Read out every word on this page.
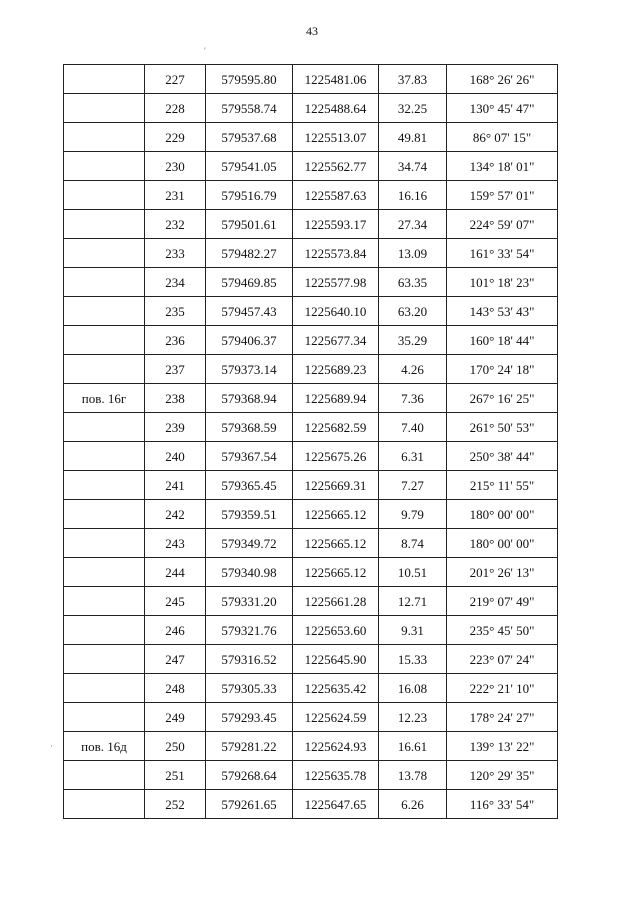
43
′
·
	227	579595.80	1225481.06	37.83	168° 26' 26"
	228	579558.74	1225488.64	32.25	130° 45' 47"
	229	579537.68	1225513.07	49.81	86° 07' 15"
	230	579541.05	1225562.77	34.74	134° 18' 01"
	231	579516.79	1225587.63	16.16	159° 57' 01"
	232	579501.61	1225593.17	27.34	224° 59' 07"
	233	579482.27	1225573.84	13.09	161° 33' 54"
	234	579469.85	1225577.98	63.35	101° 18' 23"
	235	579457.43	1225640.10	63.20	143° 53' 43"
	236	579406.37	1225677.34	35.29	160° 18' 44"
	237	579373.14	1225689.23	4.26	170° 24' 18"
пов. 16г	238	579368.94	1225689.94	7.36	267° 16' 25"
	239	579368.59	1225682.59	7.40	261° 50' 53"
	240	579367.54	1225675.26	6.31	250° 38' 44"
	241	579365.45	1225669.31	7.27	215° 11' 55"
	242	579359.51	1225665.12	9.79	180° 00' 00"
	243	579349.72	1225665.12	8.74	180° 00' 00"
	244	579340.98	1225665.12	10.51	201° 26' 13"
	245	579331.20	1225661.28	12.71	219° 07' 49"
	246	579321.76	1225653.60	9.31	235° 45' 50"
	247	579316.52	1225645.90	15.33	223° 07' 24"
	248	579305.33	1225635.42	16.08	222° 21' 10"
	249	579293.45	1225624.59	12.23	178° 24' 27"
пов. 16д	250	579281.22	1225624.93	16.61	139° 13' 22"
	251	579268.64	1225635.78	13.78	120° 29' 35"
	252	579261.65	1225647.65	6.26	116° 33' 54"
